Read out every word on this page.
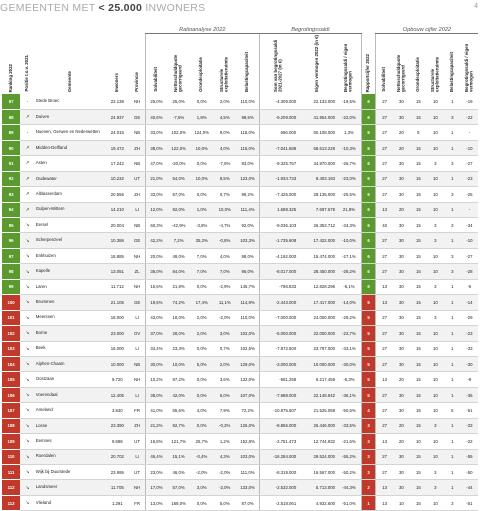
GEMEENTEN MET < 25.000 INWONERS	4
					Ratioanalyse 2022					Begrotingssaldi				Opbouw cijfer 2022					

Ranking 2022	Positie t.o.v. 2021	Gemeente	Inwoners	Provincie	Solvabiliteit	Nettoschuldquote gecorrigeerd	Grondexploitatie	Structurele exploitatieruimte	Belastingcapaciteit	Som van begrotingssaldi 2021-2027 (in €)	Eigen vermogen 2022 (in €)	Begrotingssaldi / eigen vermogen	Rapportcijfer 2022	Solvabiliteit	Nettoschuldquote gecorrigeerd	Grondexploitatie	Structurele exploitatieruimte	Belastingcapaciteit	Begrotingssaldi / eigen vermogen

87	-	Stede Broec	22.138	NH	25,0%	25,0%	0,0%	2,0%	110,0%	-4.309.000	22.133.000	-19,5%	6	27	30	15	10	1	-19
88	↗	Duiven	24.937	GE	40,6%	-7,6%	1,8%	4,5%	98,6%	-9.209.000	41.954.000	-22,0%	6	27	30	15	10	3	-22
89	-	Nuenen, Gerwen en Nederwetten	24.015	NB	33,0%	102,0%	124,0%	9,0%	118,0%	656.000	50.108.000	1,3%	6	27	20	5	10	1	-
90	↗	Midden-Delfland	19.472	ZH	38,0%	122,0%	10,0%	4,0%	116,0%	-7.041.688	68.613.228	-10,3%	6	27	20	15	10	1	-10
91	↗	Asten	17.242	NB	47,0%	-20,0%	0,0%	-7,5%	83,0%	-9.325.767	34.870.000	-26,7%	6	27	30	15	3	3	-27
92	↗	Oudewater	10.232	UT	21,0%	54,0%	10,0%	8,5%	123,0%	-1.934.733	8.403.193	-23,0%	6	27	30	15	10	1	-23
93	↗	Alblasserdam	20.556	ZH	33,0%	57,0%	0,0%	0,7%	99,2%	-7.426.000	29.135.000	-25,5%	6	27	30	15	10	3	-25
94	↗	Gulpen-Wittem	14.210	LI	12,0%	92,0%	1,0%	10,0%	111,4%	1.688.325	7.697.678	21,9%	6	13	20	15	10	1	-
95	↘	Eersel	20.004	NB	60,3%	-42,9%	-3,8%	-4,7%	92,0%	-9.036.103	26.353.712	-34,3%	6	40	30	15	3	3	-34
96	↘	Scherpenzeel	10.386	GE	42,2%	7,2%	35,2%	-0,8%	103,3%	-1.735.608	17.422.000	-10,0%	6	27	30	15	3	1	-10
97	↘	Enkhuizen	18.885	NH	20,0%	49,0%	7,0%	4,0%	98,0%	-4.192.000	15.474.000	-27,1%	6	27	30	15	10	3	-27
98	↘	Kapelle	13.051	ZL	36,0%	84,0%	7,0%	7,0%	96,0%	-8.017.000	28.450.000	-28,2%	6	27	30	15	10	3	-28
99	↘	Laren	11.712	NH	15,6%	21,8%	0,0%	-2,9%	146,7%	-786.833	12.828.296	-6,1%	6	13	30	15	3	1	-6
100	↘	Brummen	21.105	GE	19,5%	74,2%	17,4%	11,1%	114,8%	-2.443.000	17.417.000	-14,0%	5	13	30	15	10	1	-14
101	↘	Meerssen	18.000	LI	43,0%	18,0%	2,0%	-2,0%	110,0%	-7.000.000	24.000.000	-29,2%	5	27	30	15	3	1	-29
102	↘	Borne	23.000	OV	37,0%	28,0%	2,0%	3,0%	102,0%	-5.000.000	22.000.000	-22,7%	5	27	30	15	10	1	-23
103	↘	Beek	16.000	LI	34,4%	23,3%	0,0%	0,7%	102,5%	-7.872.500	23.797.000	-33,1%	5	27	30	15	10	1	-33
104	↘	Alphen-Chaam	10.000	NB	30,0%	10,0%	5,0%	2,0%	129,0%	-3.000.000	10.000.000	-30,0%	5	27	30	15	10	1	-30
105	↘	Oostzaan	9.720	NH	10,2%	97,2%	0,0%	3,6%	132,0%	-581.258	6.217.459	-9,3%	5	13	20	15	10	1	-9
106	↘	Voerendaal	12.405	LI	38,0%	42,0%	0,0%	6,0%	107,0%	-7.988.000	22.148.942	-36,1%	5	27	30	15	10	1	-36
107	↘	Ameland	3.840	FR	41,0%	65,6%	4,0%	7,9%	72,2%	-10.875.507	21.525.058	-50,5%	4	27	30	15	10	5	-51
108	↘	Losse	23.390	ZH	21,2%	92,7%	0,0%	-0,2%	126,0%	-8.856.000	26.446.000	-33,5%	3	27	20	15	3	1	-33
109	↘	Eemnes	9.598	UT	16,8%	121,7%	25,7%	1,2%	152,8%	-2.751.473	12.744.932	-21,6%	3	13	20	10	10	1	-22
110	↘	Roerdalen	20.702	LI	46,4%	15,1%	-0,4%	4,3%	103,0%	-16.284.000	29.524.000	-55,2%	3	27	30	15	10	1	-55
111	↘	Wijk bij Duurstede	23.995	UT	23,0%	46,0%	-2,0%	-2,0%	111,0%	-8.319.000	16.567.000	-50,2%	3	27	30	15	3	1	-50
112	↘	Landsmeer	11.705	NH	17,0%	57,0%	3,0%	-2,0%	133,0%	-2.532.000	5.713.000	-44,3%	2	13	30	15	3	1	-44
113	↘	Vlieland	1.291	FR	13,0%	168,0%	0,0%	5,0%	87,0%	-2.518.061	4.932.600	-51,0%	1	13	10	15	10	3	-51
